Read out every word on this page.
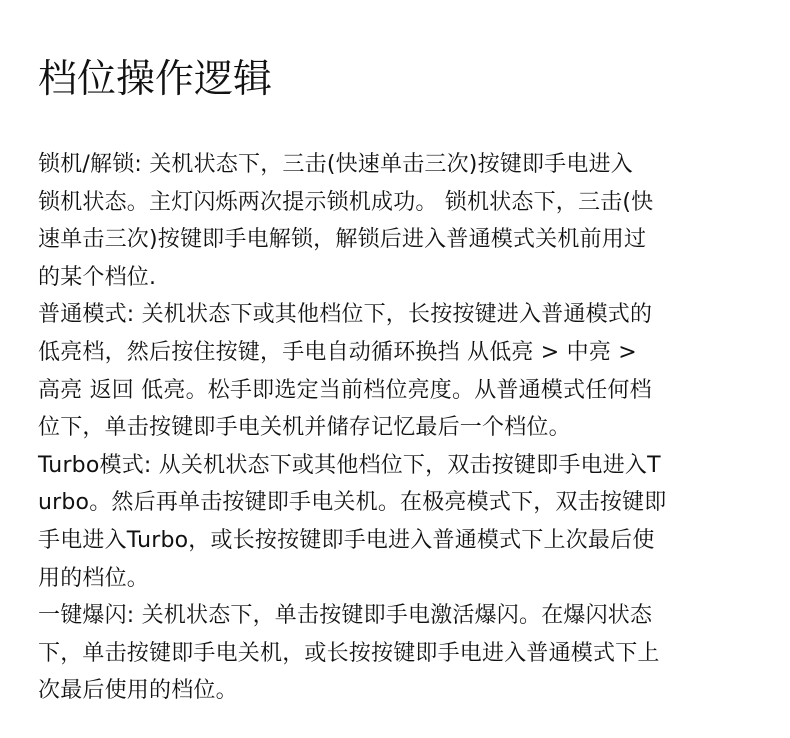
档位操作逻辑
锁机/解锁: 关机状态下，三击(快速单击三次)按键即手电进入
锁机状态。主灯闪烁两次提示锁机成功。 锁机状态下，三击(快
速单击三次)按键即手电解锁，解锁后进入普通模式关机前用过
的某个档位.
普通模式: 关机状态下或其他档位下，长按按键进入普通模式的
低亮档，然后按住按键，手电自动循环换挡 从低亮 > 中亮 >
高亮 返回 低亮。松手即选定当前档位亮度。从普通模式任何档
位下，单击按键即手电关机并储存记忆最后一个档位。
Turbo模式: 从关机状态下或其他档位下，双击按键即手电进入T
urbo。然后再单击按键即手电关机。在极亮模式下，双击按键即
手电进入Turbo，或长按按键即手电进入普通模式下上次最后使
用的档位。
一键爆闪: 关机状态下，单击按键即手电激活爆闪。在爆闪状态
下，单击按键即手电关机，或长按按键即手电进入普通模式下上
次最后使用的档位。
